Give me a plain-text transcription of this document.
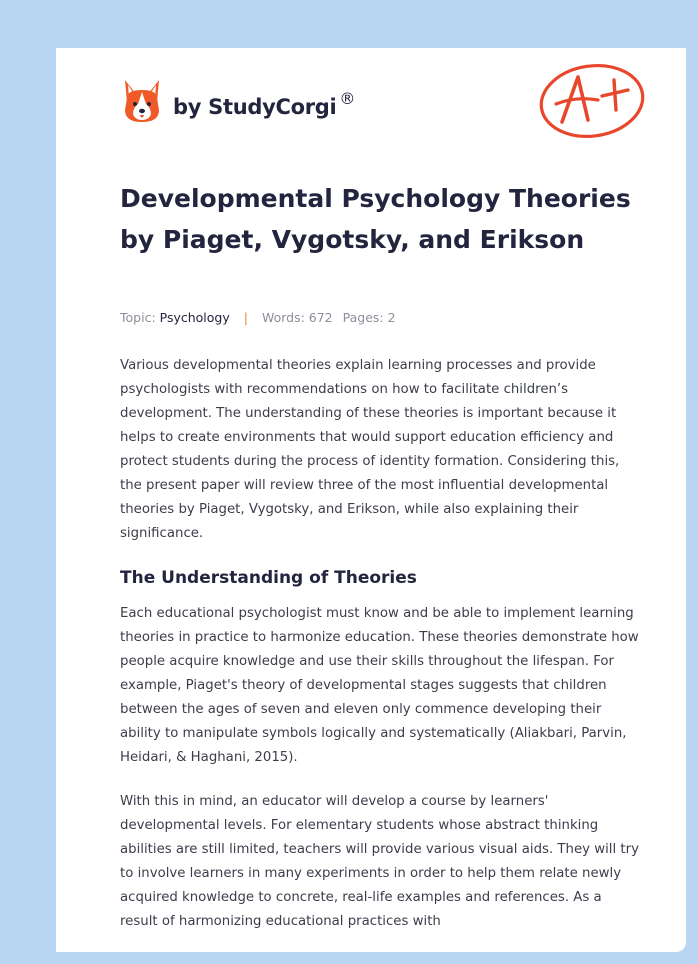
by StudyCorgi ®
Developmental Psychology Theories by Piaget, Vygotsky, and Erikson
Topic: Psychology | Words: 672 Pages: 2

Various developmental theories explain learning processes and provide psychologists with recommendations on how to facilitate children’s development. The understanding of these theories is important because it helps to create environments that would support education efficiency and protect students during the process of identity formation. Considering this, the present paper will review three of the most influential developmental theories by Piaget, Vygotsky, and Erikson, while also explaining their significance.

The Understanding of Theories

Each educational psychologist must know and be able to implement learning theories in practice to harmonize education. These theories demonstrate how people acquire knowledge and use their skills throughout the lifespan. For example, Piaget's theory of developmental stages suggests that children between the ages of seven and eleven only commence developing their ability to manipulate symbols logically and systematically (Aliakbari, Parvin, Heidari, & Haghani, 2015).

With this in mind, an educator will develop a course by learners' developmental levels. For elementary students whose abstract thinking abilities are still limited, teachers will provide various visual aids. They will try to involve learners in many experiments in order to help them relate newly acquired knowledge to concrete, real-life examples and references. As a result of harmonizing educational practices with
